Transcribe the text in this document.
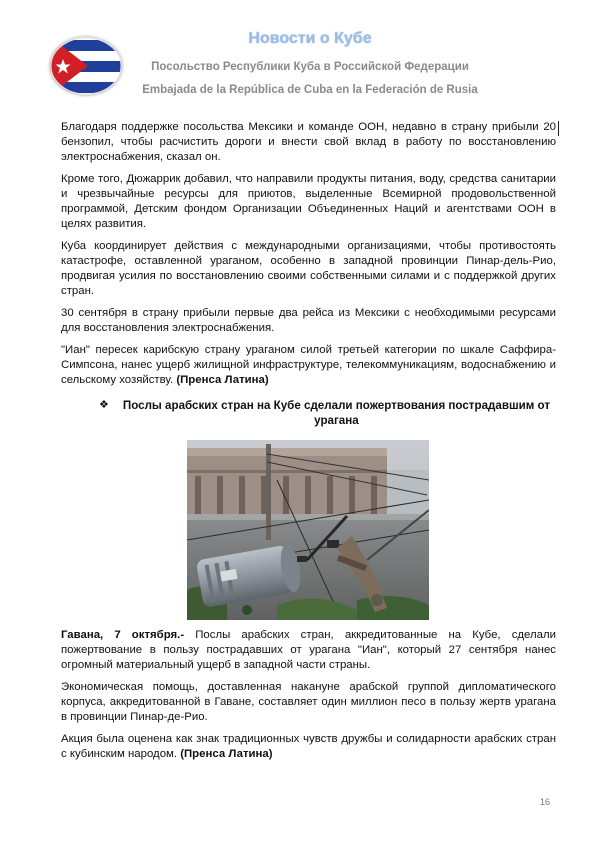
Новости о Кубе
Посольство Республики Куба в Российской Федерации
Embajada de la República de Cuba en la Federación de Rusia

Благодаря поддержке посольства Мексики и команде ООН, недавно в страну прибыли 20 бензопил, чтобы расчистить дороги и внести свой вклад в работу по восстановлению электроснабжения, сказал он.

Кроме того, Дюжаррик добавил, что направили продукты питания, воду, средства санитарии и чрезвычайные ресурсы для приютов, выделенные Всемирной продовольственной программой, Детским фондом Организации Объединенных Наций и агентствами ООН в целях развития.

Куба координирует действия с международными организациями, чтобы противостоять катастрофе, оставленной ураганом, особенно в западной провинции Пинар-дель-Рио, продвигая усилия по восстановлению своими собственными силами и с поддержкой других стран.

30 сентября в страну прибыли первые два рейса из Мексики с необходимыми ресурсами для восстановления электроснабжения.

"Иан" пересек карибскую страну ураганом силой третьей категории по шкале Саффира-Симпсона, нанес ущерб жилищной инфраструктуре, телекоммуникациям, водоснабжению и сельскому хозяйству. (Пренса Латина)

❖	Послы арабских стран на Кубе сделали пожертвования пострадавшим от урагана

Гавана, 7 октября.- Послы арабских стран, аккредитованные на Кубе, сделали пожертвование в пользу пострадавших от урагана "Иан", который 27 сентября нанес огромный материальный ущерб в западной части страны.

Экономическая помощь, доставленная накануне арабской группой дипломатического корпуса, аккредитованной в Гаване, составляет один миллион песо в пользу жертв урагана в провинции Пинар-де-Рио.

Акция была оценена как знак традиционных чувств дружбы и солидарности арабских стран с кубинским народом. (Пренса Латина)

16
